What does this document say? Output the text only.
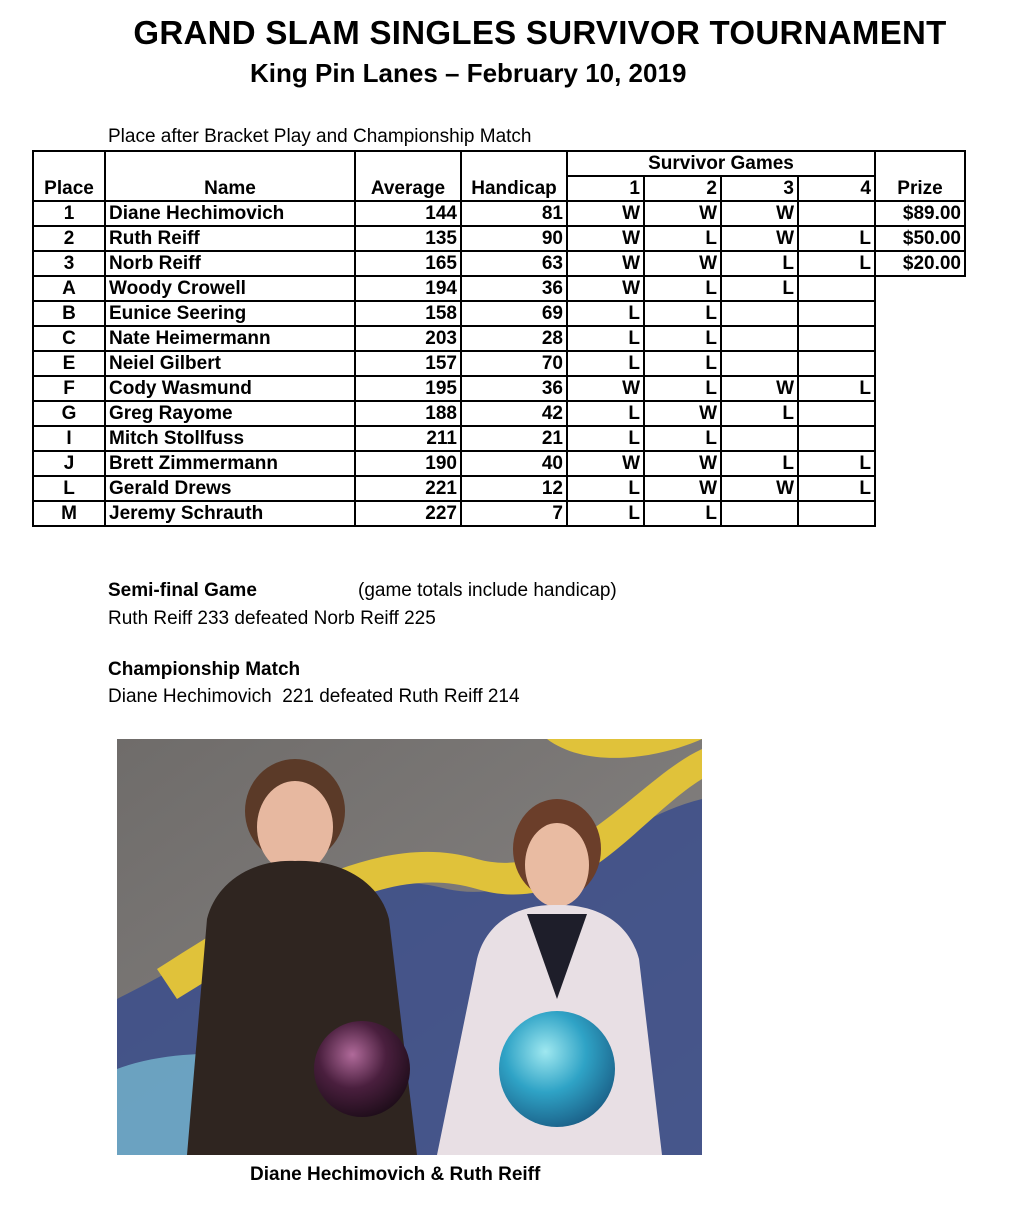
GRAND SLAM SINGLES SURVIVOR TOURNAMENT
King Pin Lanes – February 10, 2019
Place after Bracket Play and Championship Match
Place	Name	Average	Handicap	Survivor Games				Prize
				1	2	3	4	
1	Diane Hechimovich	144	81	W	W	W		$89.00
2	Ruth Reiff	135	90	W	L	W	L	$50.00
3	Norb Reiff	165	63	W	W	L	L	$20.00
A	Woody Crowell	194	36	W	L	L		
B	Eunice Seering	158	69	L	L			
C	Nate Heimermann	203	28	L	L			
E	Neiel Gilbert	157	70	L	L			
F	Cody Wasmund	195	36	W	L	W	L	
G	Greg Rayome	188	42	L	W	L		
I	Mitch Stollfuss	211	21	L	L			
J	Brett Zimmermann	190	40	W	W	L	L	
L	Gerald Drews	221	12	L	W	W	L	
M	Jeremy Schrauth	227	7	L	L			
Semi-final Game	(game totals include handicap)
Ruth Reiff 233 defeated Norb Reiff 225
Championship Match
Diane Hechimovich  221 defeated Ruth Reiff 214
Diane Hechimovich & Ruth Reiff
